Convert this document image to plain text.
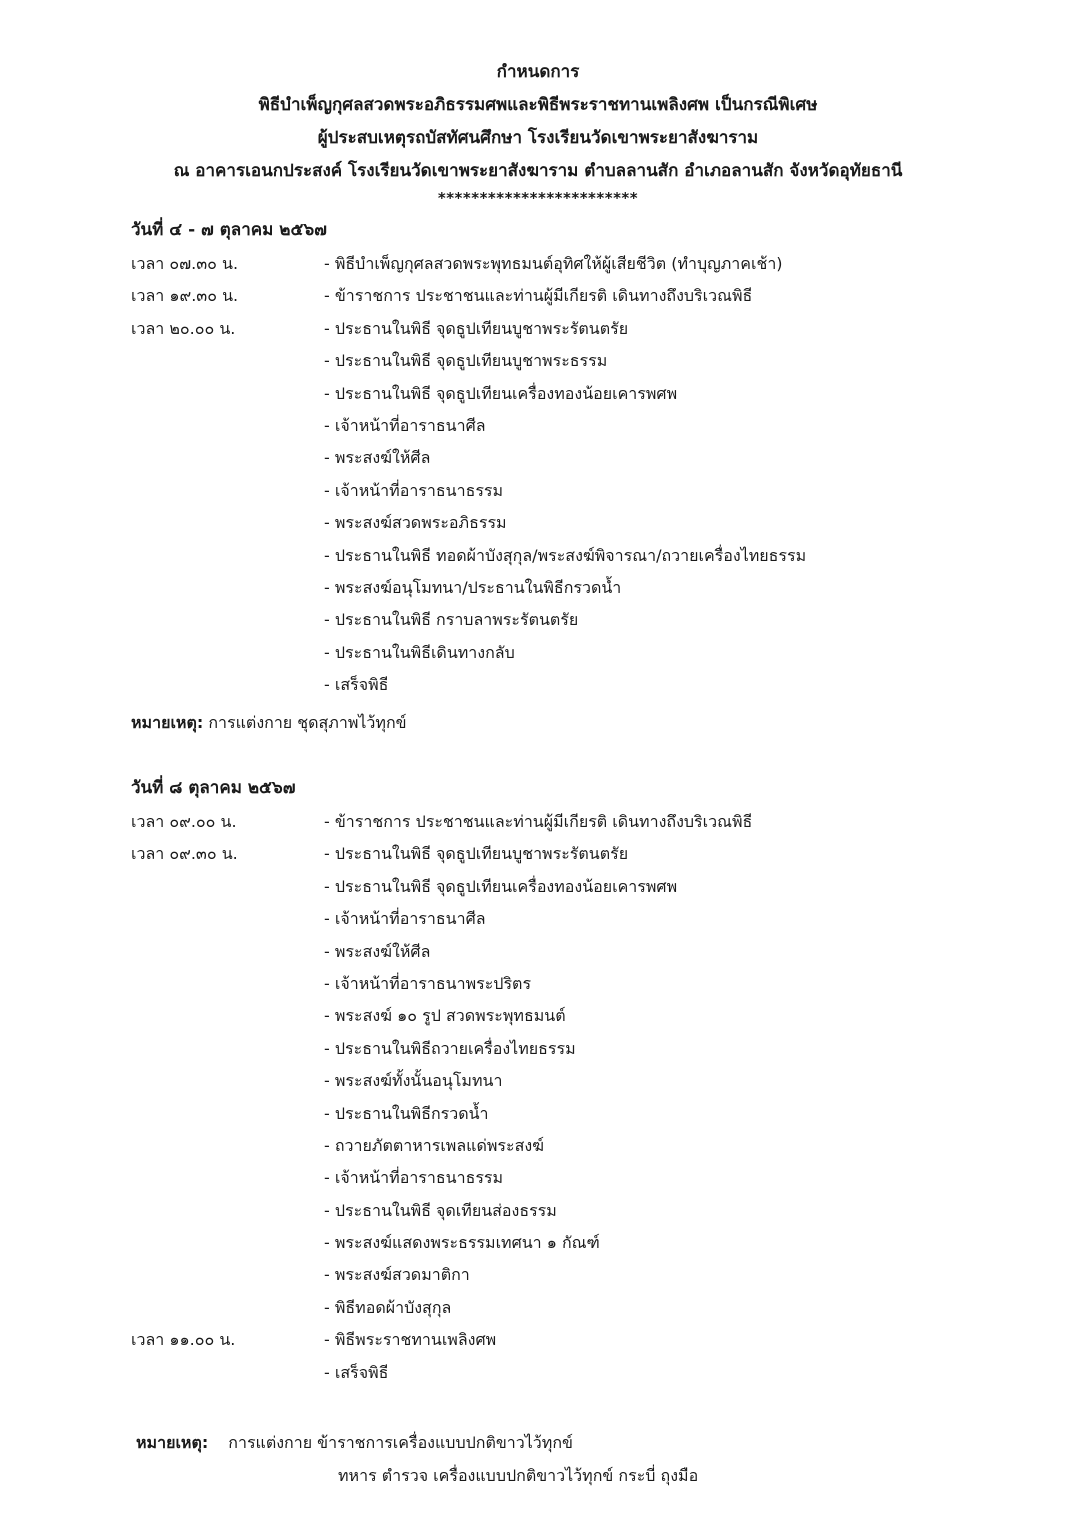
กำหนดการ
พิธีบำเพ็ญกุศลสวดพระอภิธรรมศพและพิธีพระราชทานเพลิงศพ เป็นกรณีพิเศษ
ผู้ประสบเหตุรถบัสทัศนศึกษา โรงเรียนวัดเขาพระยาสังฆาราม
ณ อาคารเอนกประสงค์ โรงเรียนวัดเขาพระยาสังฆาราม ตำบลลานสัก อำเภอลานสัก จังหวัดอุทัยธานี
************************
วันที่ ๔ - ๗ ตุลาคม ๒๕๖๗
เวลา ๐๗.๓๐ น.	- พิธีบำเพ็ญกุศลสวดพระพุทธมนต์อุทิศให้ผู้เสียชีวิต (ทำบุญภาคเช้า)
เวลา ๑๙.๓๐ น.	- ข้าราชการ ประชาชนและท่านผู้มีเกียรติ เดินทางถึงบริเวณพิธี
เวลา ๒๐.๐๐ น.	- ประธานในพิธี จุดธูปเทียนบูชาพระรัตนตรัย
- ประธานในพิธี จุดธูปเทียนบูชาพระธรรม
- ประธานในพิธี จุดธูปเทียนเครื่องทองน้อยเคารพศพ
- เจ้าหน้าที่อาราธนาศีล
- พระสงฆ์ให้ศีล
- เจ้าหน้าที่อาราธนาธรรม
- พระสงฆ์สวดพระอภิธรรม
- ประธานในพิธี ทอดผ้าบังสุกุล/พระสงฆ์พิจารณา/ถวายเครื่องไทยธรรม
- พระสงฆ์อนุโมทนา/ประธานในพิธีกรวดน้ำ
- ประธานในพิธี กราบลาพระรัตนตรัย
- ประธานในพิธีเดินทางกลับ
- เสร็จพิธี
หมายเหตุ: การแต่งกาย ชุดสุภาพไว้ทุกข์
วันที่ ๘ ตุลาคม ๒๕๖๗
เวลา ๐๙.๐๐ น.	- ข้าราชการ ประชาชนและท่านผู้มีเกียรติ เดินทางถึงบริเวณพิธี
เวลา ๐๙.๓๐ น.	- ประธานในพิธี จุดธูปเทียนบูชาพระรัตนตรัย
- ประธานในพิธี จุดธูปเทียนเครื่องทองน้อยเคารพศพ
- เจ้าหน้าที่อาราธนาศีล
- พระสงฆ์ให้ศีล
- เจ้าหน้าที่อาราธนาพระปริตร
- พระสงฆ์ ๑๐ รูป สวดพระพุทธมนต์
- ประธานในพิธีถวายเครื่องไทยธรรม
- พระสงฆ์ทั้งนั้นอนุโมทนา
- ประธานในพิธีกรวดน้ำ
- ถวายภัตตาหารเพลแด่พระสงฆ์
- เจ้าหน้าที่อาราธนาธรรม
- ประธานในพิธี จุดเทียนส่องธรรม
- พระสงฆ์แสดงพระธรรมเทศนา ๑ กัณฑ์
- พระสงฆ์สวดมาติกา
- พิธีทอดผ้าบังสุกุล
เวลา ๑๑.๐๐ น.	- พิธีพระราชทานเพลิงศพ
- เสร็จพิธี
หมายเหตุ: การแต่งกาย ข้าราชการเครื่องแบบปกติขาวไว้ทุกข์
ทหาร ตำรวจ เครื่องแบบปกติขาวไว้ทุกข์ กระบี่ ถุงมือ
